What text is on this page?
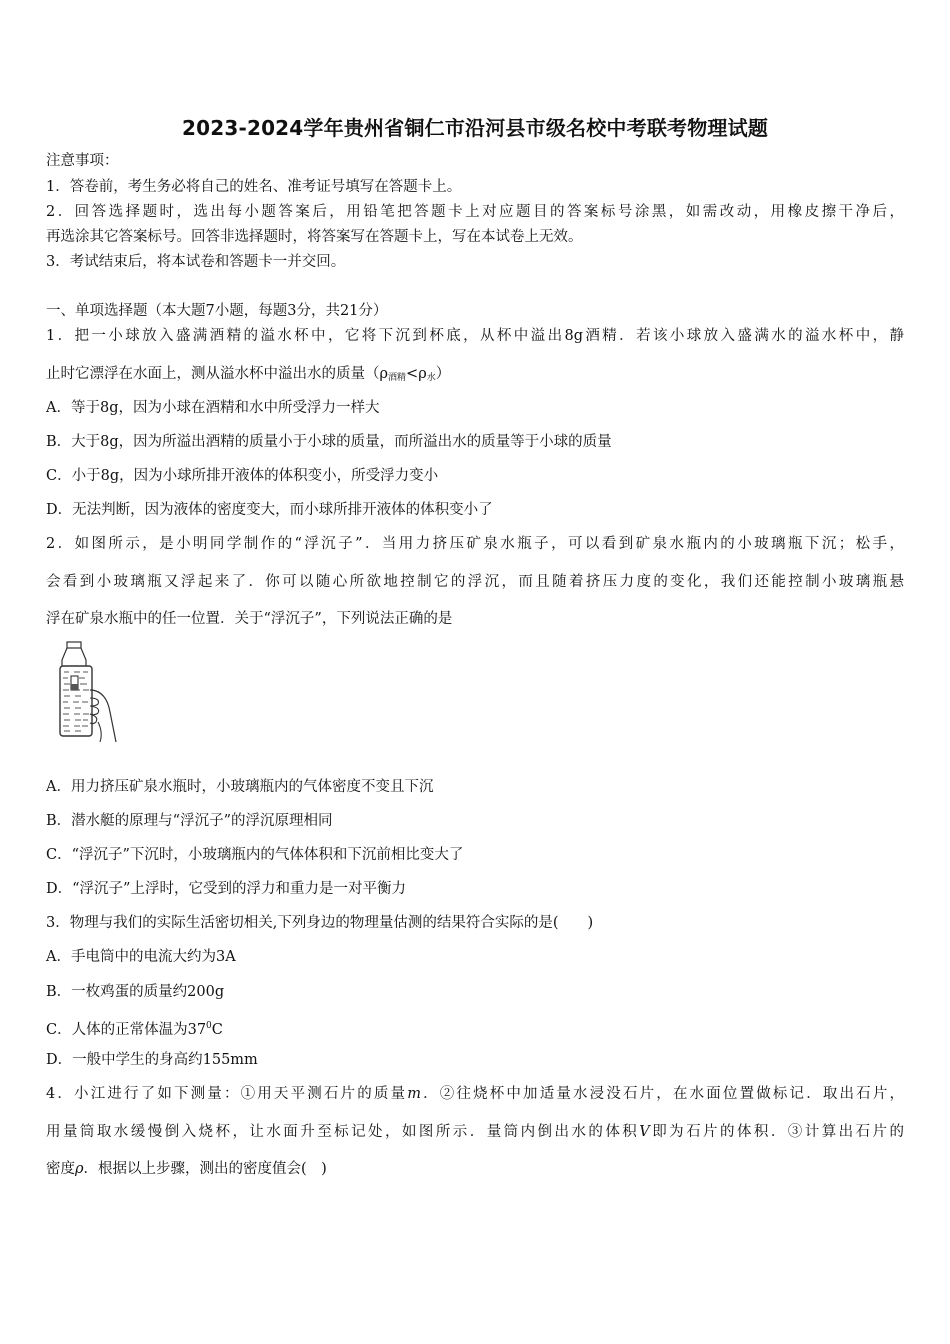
2023-2024学年贵州省铜仁市沿河县市级名校中考联考物理试题
注意事项：
1．答卷前，考生务必将自己的姓名、准考证号填写在答题卡上。
2．回答选择题时，选出每小题答案后，用铅笔把答题卡上对应题目的答案标号涂黑，如需改动，用橡皮擦干净后，
再选涂其它答案标号。回答非选择题时，将答案写在答题卡上，写在本试卷上无效。
3．考试结束后，将本试卷和答题卡一并交回。
一、单项选择题（本大题7小题，每题3分，共21分）
1．把一小球放入盛满酒精的溢水杯中，它将下沉到杯底，从杯中溢出8g酒精．若该小球放入盛满水的溢水杯中，静
止时它漂浮在水面上，测从溢水杯中溢出水的质量$(\rho_{酒精}<\rho_水)$
A．等于8g，因为小球在酒精和水中所受浮力一样大
B．大于8g，因为所溢出酒精的质量小于小球的质量，而所溢出水的质量等于小球的质量
C．小于8g，因为小球所排开液体的体积变小，所受浮力变小
D．无法判断，因为液体的密度变大，而小球所排开液体的体积变小了
2．如图所示，是小明同学制作的“浮沉子”．当用力挤压矿泉水瓶子，可以看到矿泉水瓶内的小玻璃瓶下沉；松手，
会看到小玻璃瓶又浮起来了．你可以随心所欲地控制它的浮沉，而且随着挤压力度的变化，我们还能控制小玻璃瓶悬
浮在矿泉水瓶中的任一位置．关于“浮沉子”，下列说法正确的是
A．用力挤压矿泉水瓶时，小玻璃瓶内的气体密度不变且下沉
B．潜水艇的原理与“浮沉子”的浮沉原理相同
C．“浮沉子”下沉时，小玻璃瓶内的气体体积和下沉前相比变大了
D．“浮沉子”上浮时，它受到的浮力和重力是一对平衡力
3．物理与我们的实际生活密切相关,下列身边的物理量估测的结果符合实际的是(　　)
A．手电筒中的电流大约为3A
B．一枚鸡蛋的质量约200g
C．人体的正常体温为$37^0C$
D．一般中学生的身高约155mm
4．小江进行了如下测量：①用天平测石片的质量m．②往烧杯中加适量水浸没石片，在水面位置做标记．取出石片，
用量筒取水缓慢倒入烧杯，让水面升至标记处，如图所示．量筒内倒出水的体积V即为石片的体积．③计算出石片的
密度ρ．根据以上步骤，测出的密度值会(　)
